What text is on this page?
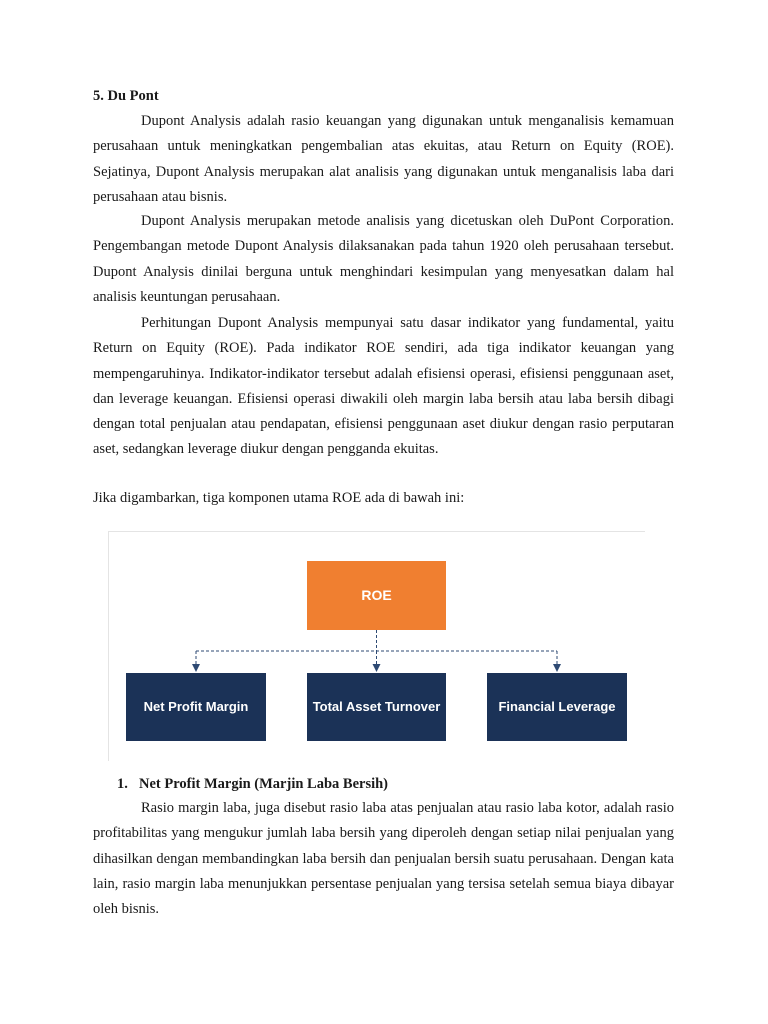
5. Du Pont

Dupont Analysis adalah rasio keuangan yang digunakan untuk menganalisis kemamuan perusahaan untuk meningkatkan pengembalian atas ekuitas, atau Return on Equity (ROE). Sejatinya, Dupont Analysis merupakan alat analisis yang digunakan untuk menganalisis laba dari perusahaan atau bisnis.

Dupont Analysis merupakan metode analisis yang dicetuskan oleh DuPont Corporation. Pengembangan metode Dupont Analysis dilaksanakan pada tahun 1920 oleh perusahaan tersebut. Dupont Analysis dinilai berguna untuk menghindari kesimpulan yang menyesatkan dalam hal analisis keuntungan perusahaan.

Perhitungan Dupont Analysis mempunyai satu dasar indikator yang fundamental, yaitu Return on Equity (ROE). Pada indikator ROE sendiri, ada tiga indikator keuangan yang mempengaruhinya. Indikator-indikator tersebut adalah efisiensi operasi, efisiensi penggunaan aset, dan leverage keuangan. Efisiensi operasi diwakili oleh margin laba bersih atau laba bersih dibagi dengan total penjualan atau pendapatan, efisiensi penggunaan aset diukur dengan rasio perputaran aset, sedangkan leverage diukur dengan pengganda ekuitas.

Jika digambarkan, tiga komponen utama ROE ada di bawah ini:

ROE
Net Profit Margin	Total Asset Turnover	Financial Leverage
1. Net Profit Margin (Marjin Laba Bersih)

Rasio margin laba, juga disebut rasio laba atas penjualan atau rasio laba kotor, adalah rasio profitabilitas yang mengukur jumlah laba bersih yang diperoleh dengan setiap nilai penjualan yang dihasilkan dengan membandingkan laba bersih dan penjualan bersih suatu perusahaan. Dengan kata lain, rasio margin laba menunjukkan persentase penjualan yang tersisa setelah semua biaya dibayar oleh bisnis.
